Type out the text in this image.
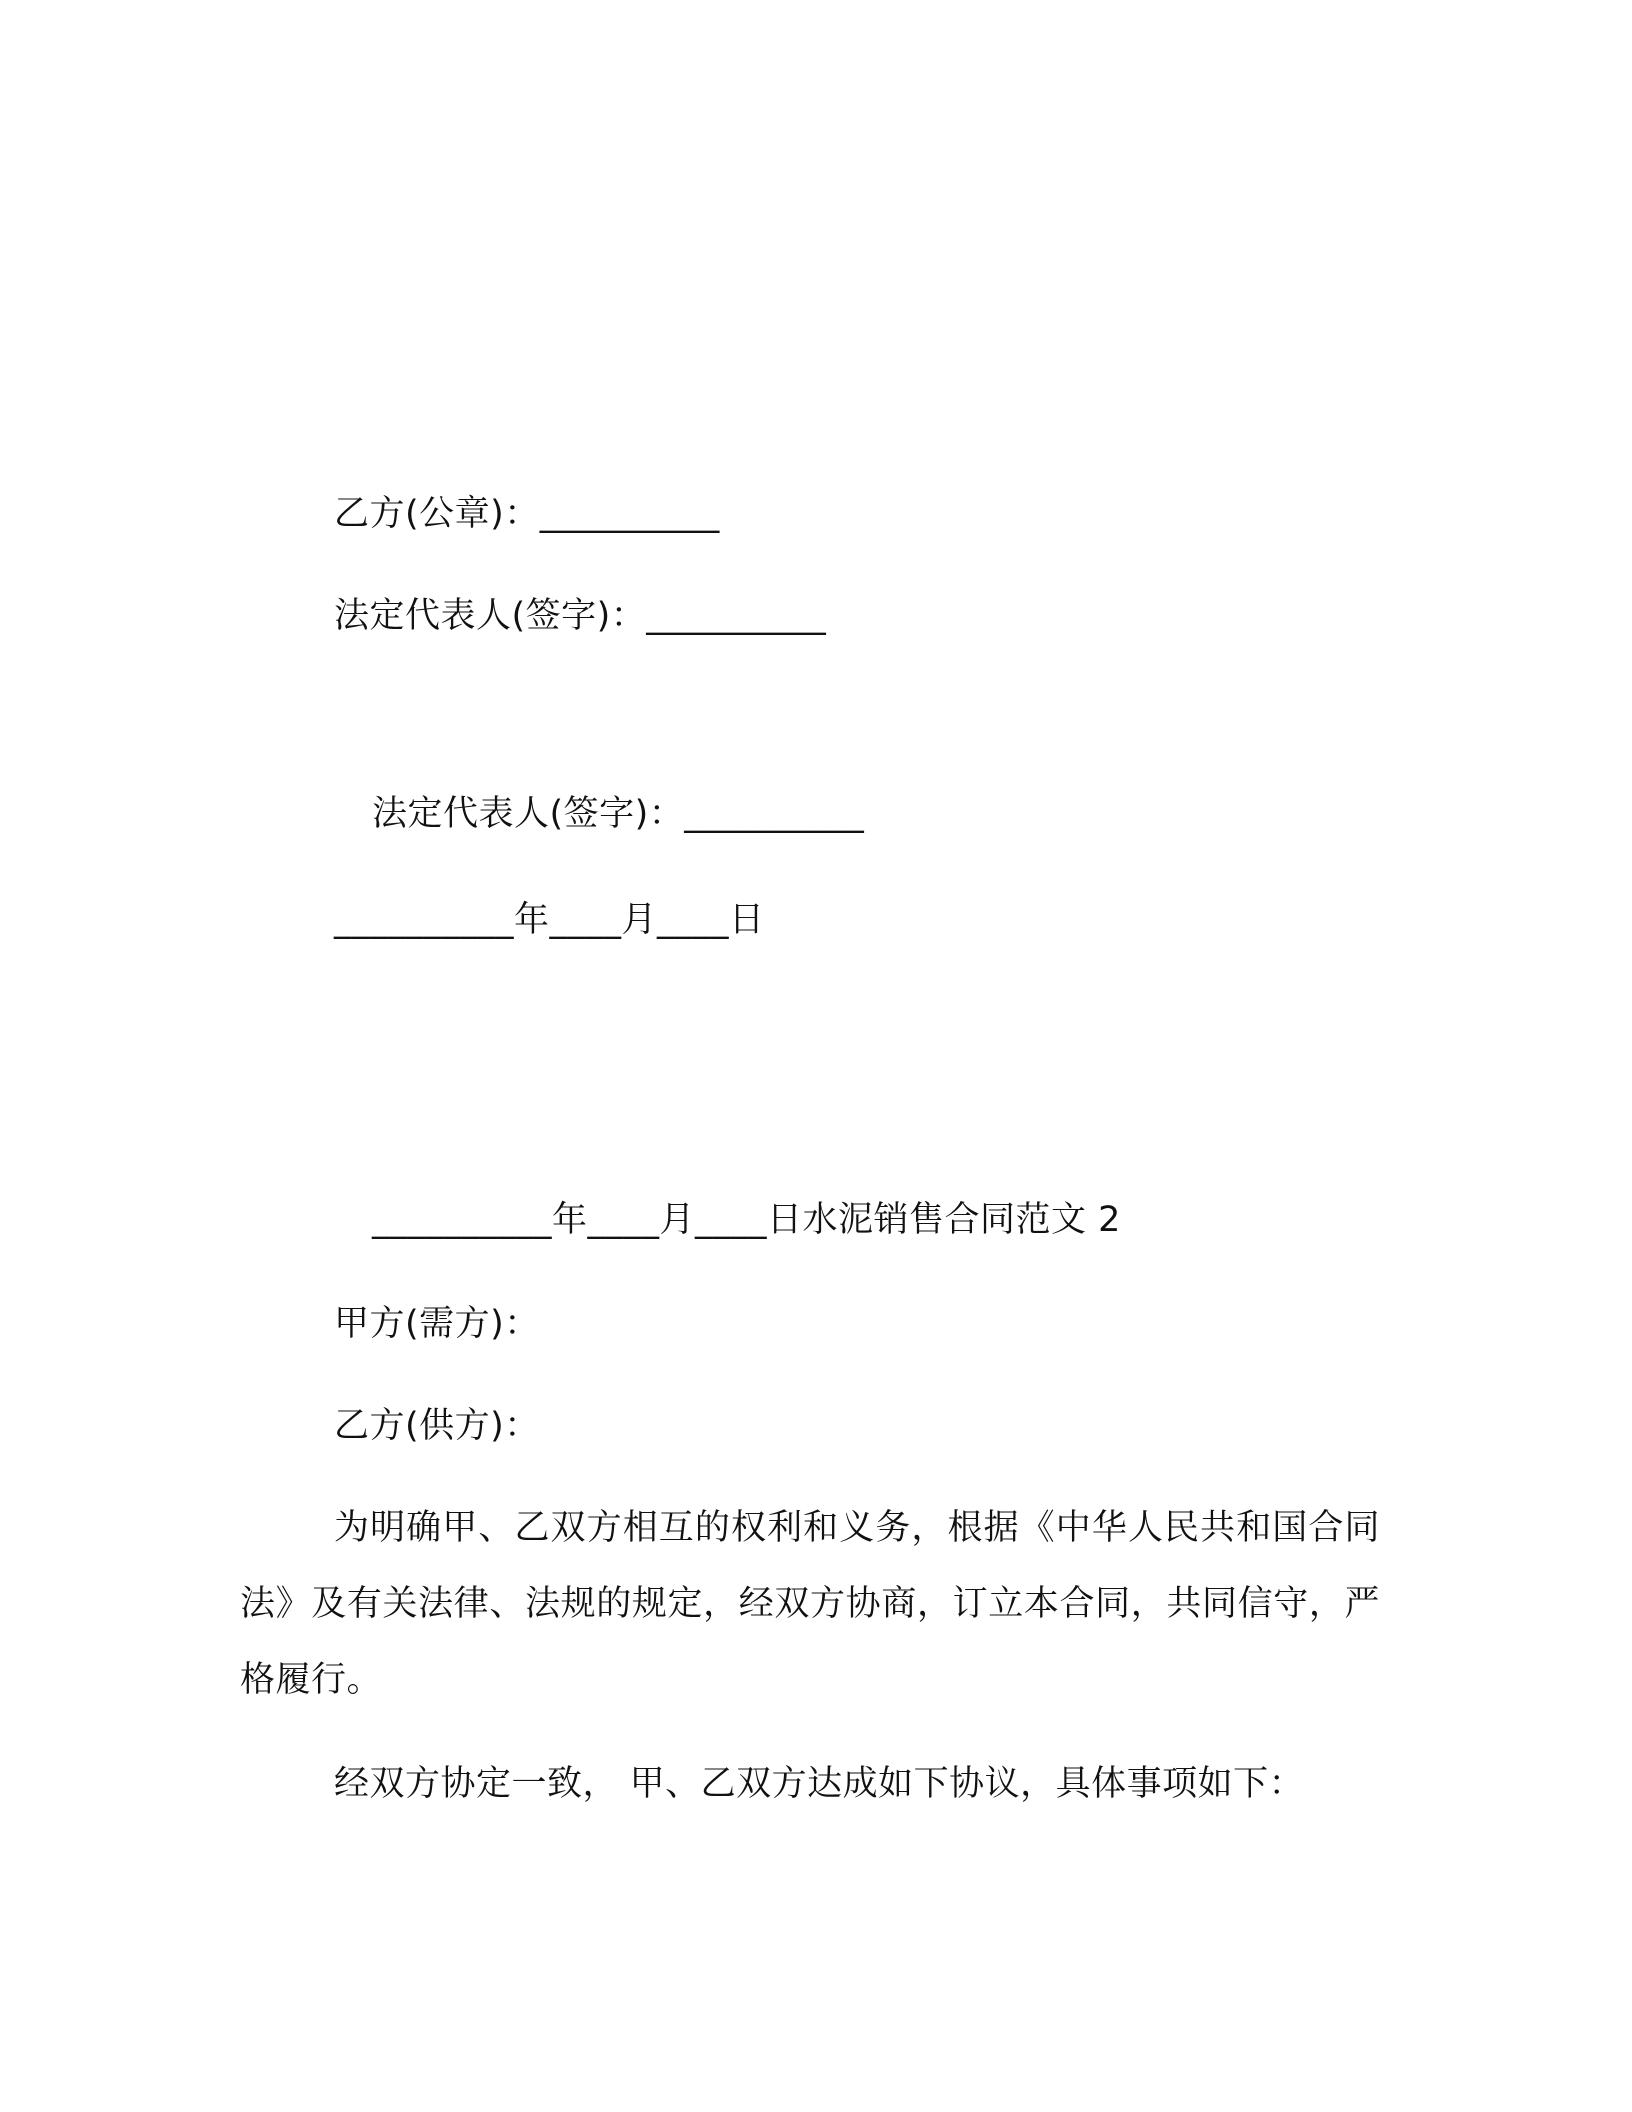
乙方(公章)：__________
法定代表人(签字)：__________
法定代表人(签字)：__________
__________年____月____日
__________年____月____日水泥销售合同范文 2
甲方(需方)：
乙方(供方)：
为明确甲、乙双方相互的权利和义务，根据《中华人民共和国合同法》及有关法律、法规的规定，经双方协商，订立本合同，共同信守，严格履行。
经双方协定一致， 甲、乙双方达成如下协议，具体事项如下：
